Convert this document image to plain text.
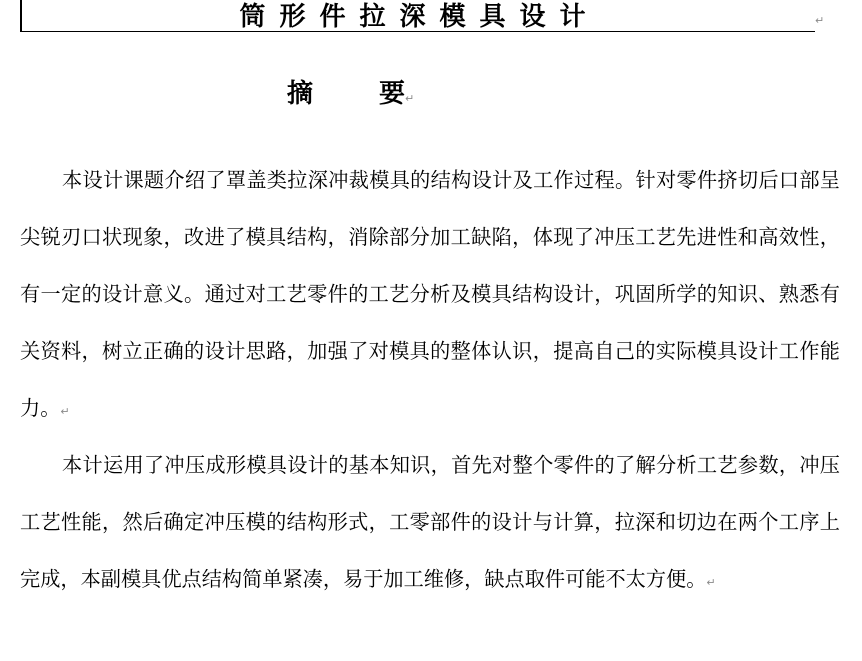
筒形件拉深模具设计	↵
摘	要↵

本设计课题介绍了罩盖类拉深冲裁模具的结构设计及工作过程。针对零件挤切后口部呈尖锐刃口状现象，改进了模具结构，消除部分加工缺陷，体现了冲压工艺先进性和高效性，有一定的设计意义。通过对工艺零件的工艺分析及模具结构设计，巩固所学的知识、熟悉有关资料，树立正确的设计思路，加强了对模具的整体认识，提高自己的实际模具设计工作能力。↵

本计运用了冲压成形模具设计的基本知识，首先对整个零件的了解分析工艺参数，冲压工艺性能，然后确定冲压模的结构形式，工零部件的设计与计算，拉深和切边在两个工序上完成，本副模具优点结构简单紧凑，易于加工维修，缺点取件可能不太方便。↵
